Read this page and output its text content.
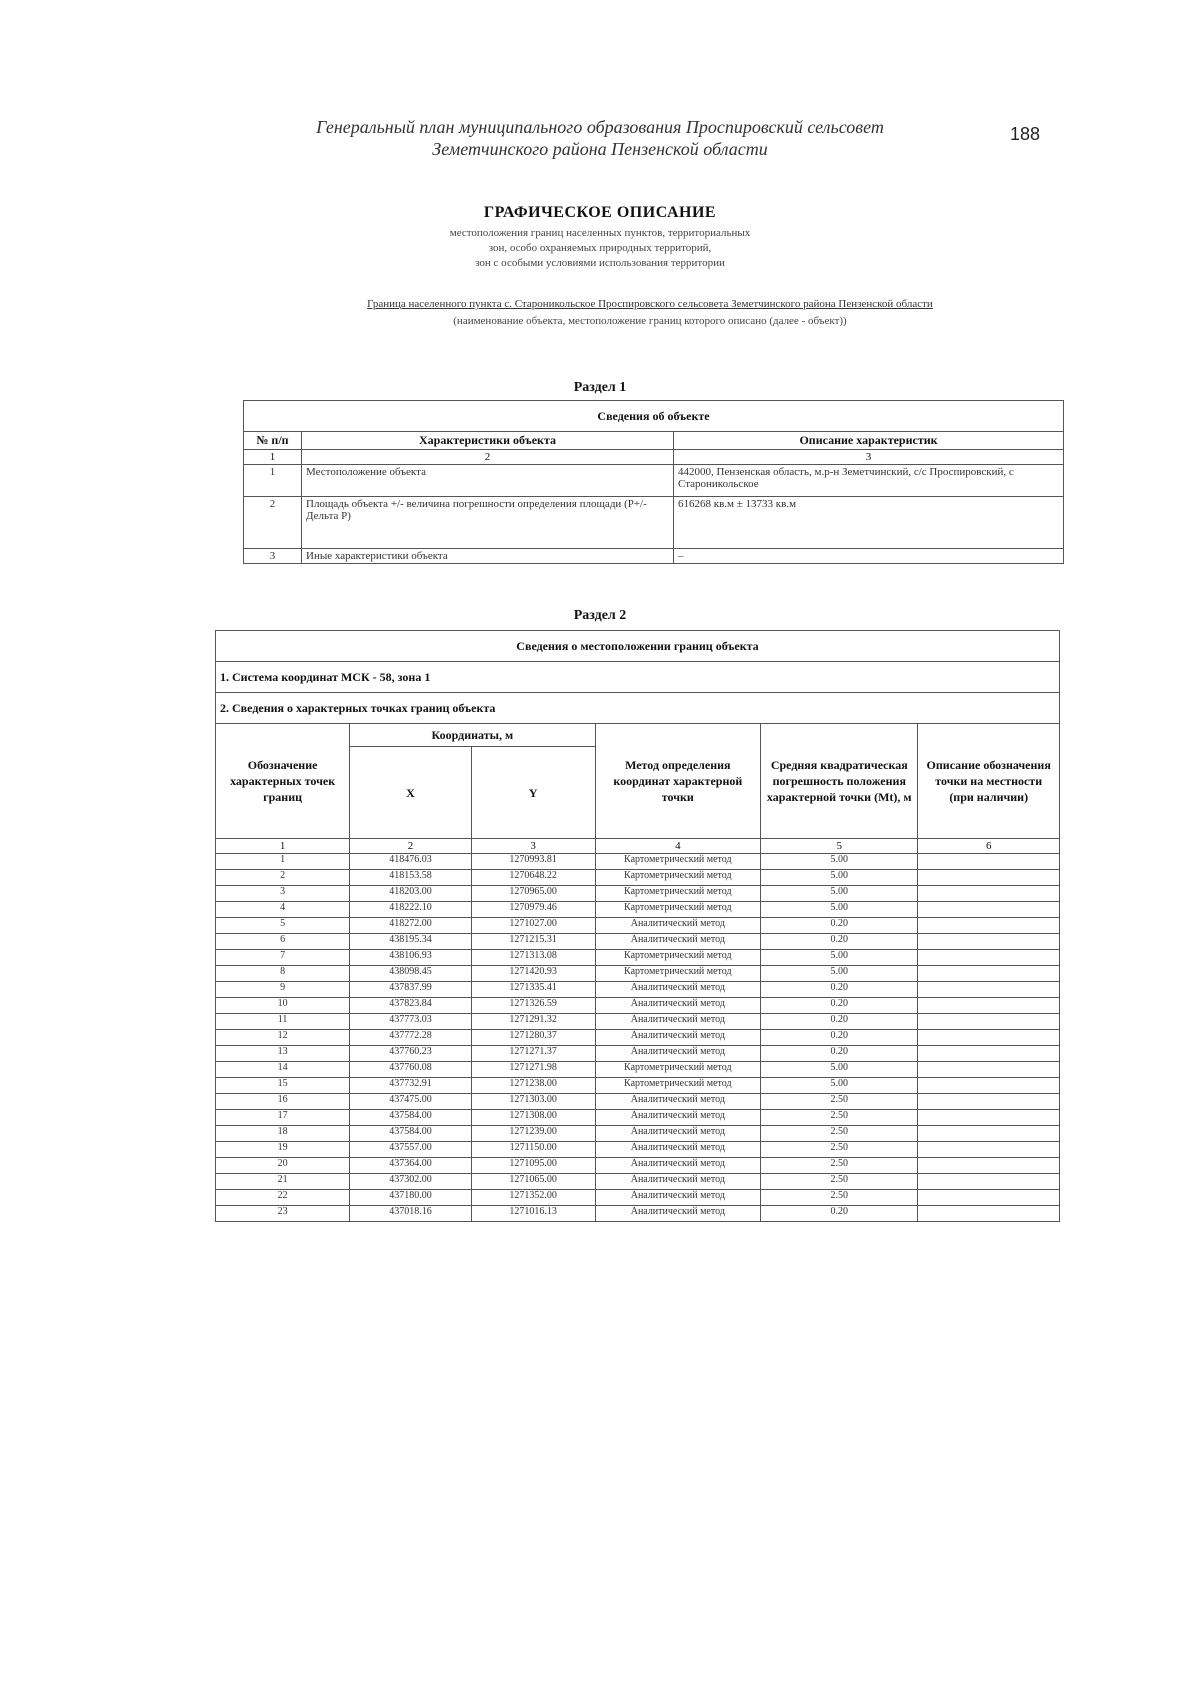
Генеральный план муниципального образования Проспировский сельсовет
Земетчинского района Пензенской области
188
ГРАФИЧЕСКОЕ ОПИСАНИЕ
местоположения границ населенных пунктов, территориальных
зон, особо охраняемых природных территорий,
зон с особыми условиями использования территории
Граница населенного пункта с. Староникольское Проспировского сельсовета Земетчинского района Пензенской области
(наименование объекта, местоположение границ которого описано (далее - объект))
Раздел 1
Сведения об объекте		
№ п/п	Характеристики объекта	Описание характеристик
1	2	3
1	Местоположение объекта	442000, Пензенская область, м.р-н Земетчинский, с/с Проспировский, с Староникольское
2	Площадь объекта +/- величина погрешности определения площади (Р+/- Дельта Р)	616268 кв.м ± 13733 кв.м
3	Иные характеристики объекта	–
Раздел 2
Сведения о местоположении границ объекта					
1. Система координат МСК - 58, зона 1					
2. Сведения о характерных точках границ объекта					
Обозначение характерных точек границ	Координаты, м		Метод определения координат характерной точки	Средняя квадратическая погрешность положения характерной точки (Mt), м	Описание обозначения точки на местности (при наличии)
	X	Y			
1	2	3	4	5	6
1	418476.03	1270993.81	Картометрический метод	5.00	
2	418153.58	1270648.22	Картометрический метод	5.00	
3	418203.00	1270965.00	Картометрический метод	5.00	
4	418222.10	1270979.46	Картометрический метод	5.00	
5	418272.00	1271027.00	Аналитический метод	0.20	
6	438195.34	1271215.31	Аналитический метод	0.20	
7	438106.93	1271313.08	Картометрический метод	5.00	
8	438098.45	1271420.93	Картометрический метод	5.00	
9	437837.99	1271335.41	Аналитический метод	0.20	
10	437823.84	1271326.59	Аналитический метод	0.20	
11	437773.03	1271291.32	Аналитический метод	0.20	
12	437772.28	1271280.37	Аналитический метод	0.20	
13	437760.23	1271271.37	Аналитический метод	0.20	
14	437760.08	1271271.98	Картометрический метод	5.00	
15	437732.91	1271238.00	Картометрический метод	5.00	
16	437475.00	1271303.00	Аналитический метод	2.50	
17	437584.00	1271308.00	Аналитический метод	2.50	
18	437584.00	1271239.00	Аналитический метод	2.50	
19	437557.00	1271150.00	Аналитический метод	2.50	
20	437364.00	1271095.00	Аналитический метод	2.50	
21	437302.00	1271065.00	Аналитический метод	2.50	
22	437180.00	1271352.00	Аналитический метод	2.50	
23	437018.16	1271016.13	Аналитический метод	0.20	
